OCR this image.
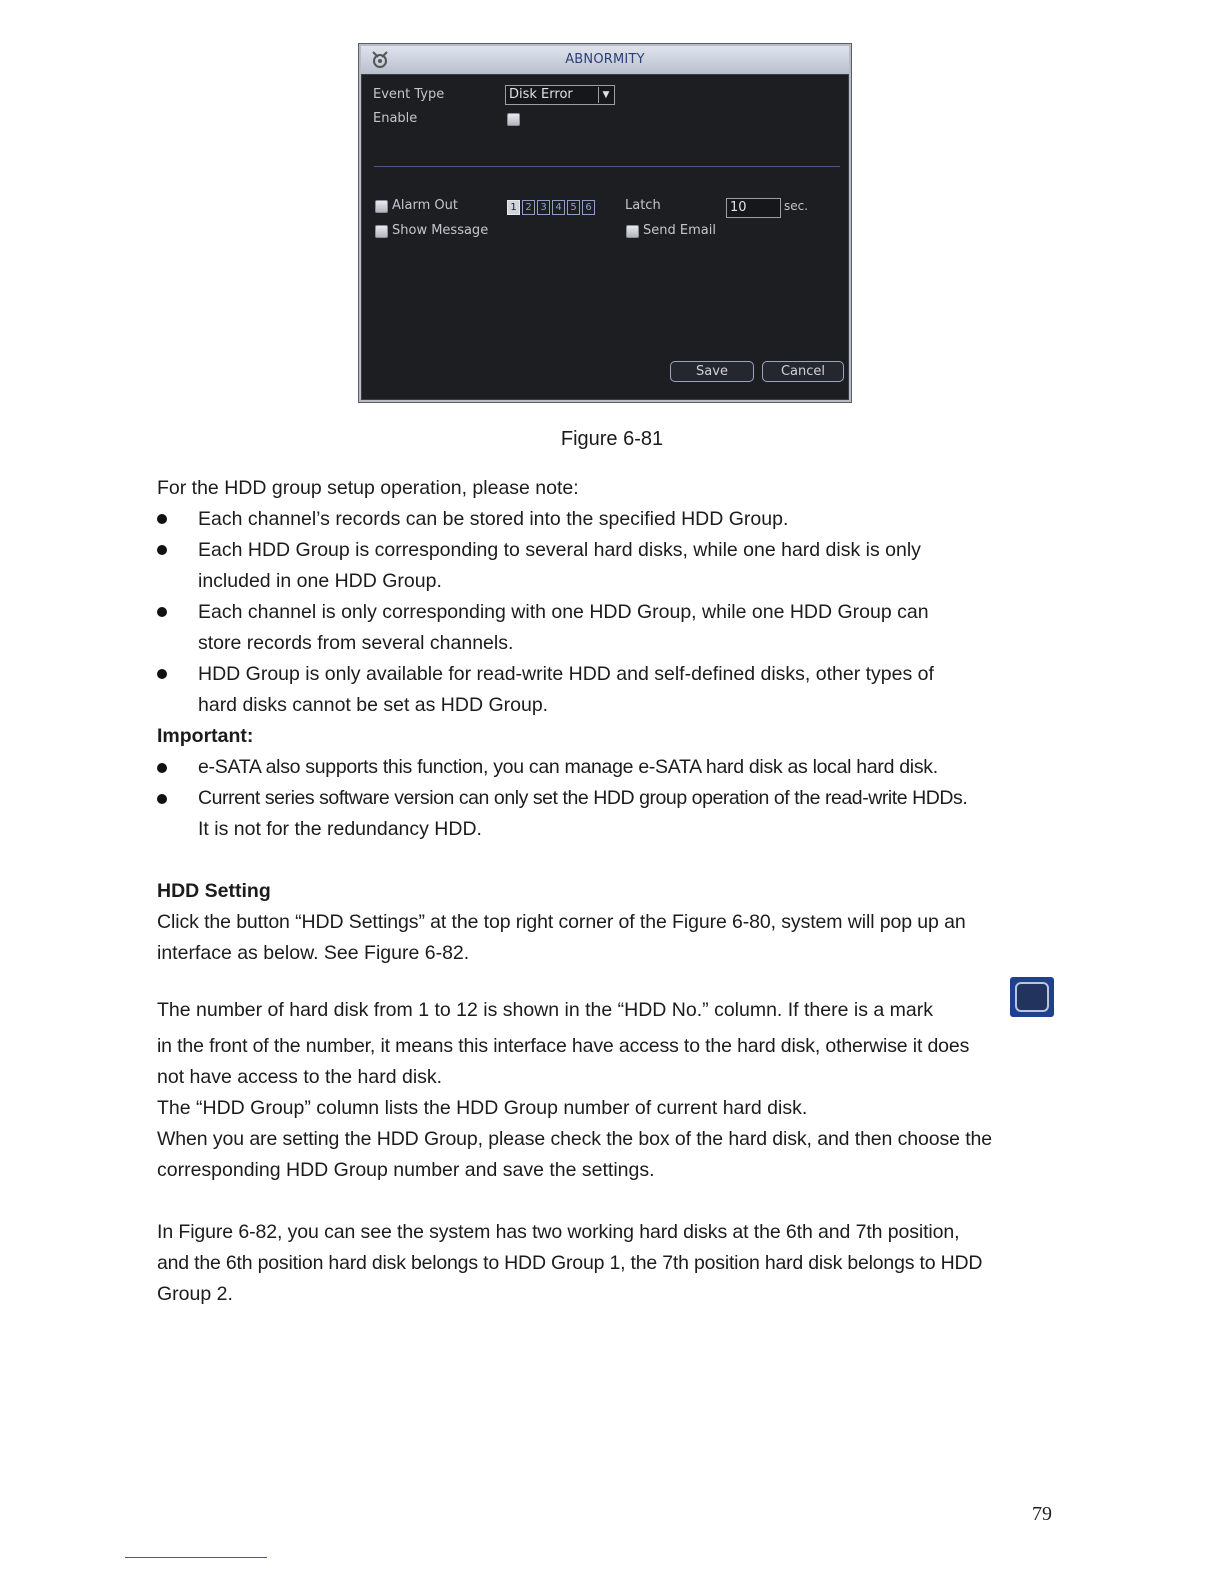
ABNORMITY
Event Type	Disk Error	▼
Enable
Alarm Out	1 2 3 4 5 6	Latch	10	sec.
Show Message	Send Email
Save	Cancel
Figure 6-81
For the HDD group setup operation, please note:
Each channel’s records can be stored into the specified HDD Group.
Each HDD Group is corresponding to several hard disks, while one hard disk is only
included in one HDD Group.
Each channel is only corresponding with one HDD Group, while one HDD Group can
store records from several channels.
HDD Group is only available for read-write HDD and self-defined disks, other types of
hard disks cannot be set as HDD Group.
Important:
e-SATA also supports this function, you can manage e-SATA hard disk as local hard disk.
Current series software version can only set the HDD group operation of the read-write HDDs.
It is not for the redundancy HDD.
HDD Setting
Click the button “HDD Settings” at the top right corner of the Figure 6-80, system will pop up an
interface as below. See Figure 6-82.
The number of hard disk from 1 to 12 is shown in the “HDD No.” column. If there is a mark
in the front of the number, it means this interface have access to the hard disk, otherwise it does
not have access to the hard disk.
The “HDD Group” column lists the HDD Group number of current hard disk.
When you are setting the HDD Group, please check the box of the hard disk, and then choose the
corresponding HDD Group number and save the settings.
In Figure 6-82, you can see the system has two working hard disks at the 6th and 7th position,
and the 6th position hard disk belongs to HDD Group 1, the 7th position hard disk belongs to HDD
Group 2.
79
